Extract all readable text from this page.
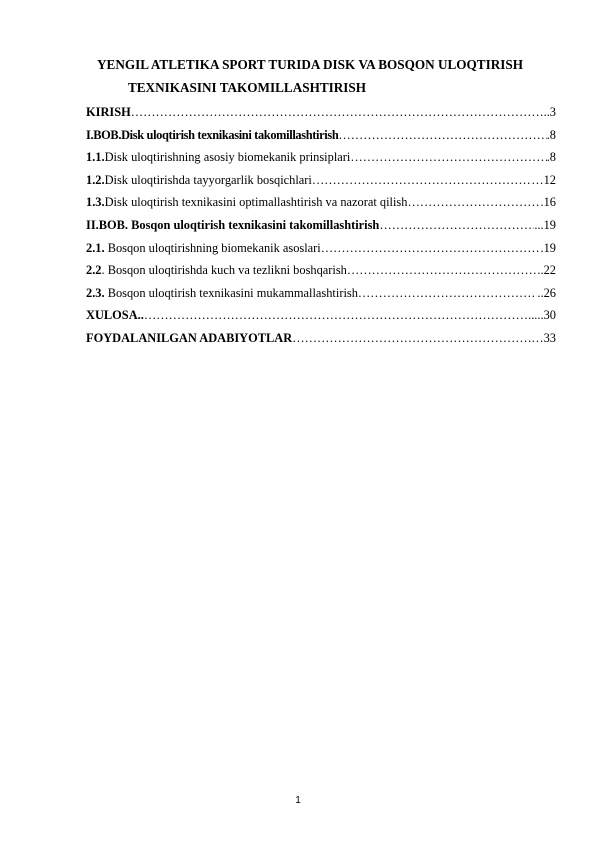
YENGIL ATLETIKA SPORT TURIDA DISK VA BOSQON ULOQTIRISH
TEXNIKASINI TAKOMILLASHTIRISH
KIRISH ……………………………………………………………………………………………………………………………………………………………	..3
I.BOB.Disk uloqtirish texnikasini takomillashtirish ……………………………………………………………………………………………………………………………………………………………	.8
1.1.Disk uloqtirishning asosiy biomekanik prinsiplari ……………………………………………………………………………………………………………………………………………………………	.8
1.2.Disk uloqtirishda tayyorgarlik bosqichlari ……………………………………………………………………………………………………………………………………………………………	…12
1.3.Disk uloqtirish texnikasini optimallashtirish va nazorat qilish ……………………………………………………………………………………………………………………………………………………………	.16
II.BOB. Bosqon uloqtirish texnikasini takomillashtirish ……………………………………………………………………………………………………………………………………………………………	...19
2.1. Bosqon uloqtirishning biomekanik asoslari ……………………………………………………………………………………………………………………………………………………………	.19
2.2. Bosqon uloqtirishda kuch va tezlikni boshqarish ……………………………………………………………………………………………………………………………………………………………	.22
2.3. Bosqon uloqtirish texnikasini mukammallashtirish ……………………………………………………………………………………………………………………………………………………………	..26
XULOSA.. ……………………………………………………………………………………………………………………………………………………………	.....30
FOYDALANILGAN ADABIYOTLAR ……………………………………………………………………………………………………………………………………………………………	…33
1
